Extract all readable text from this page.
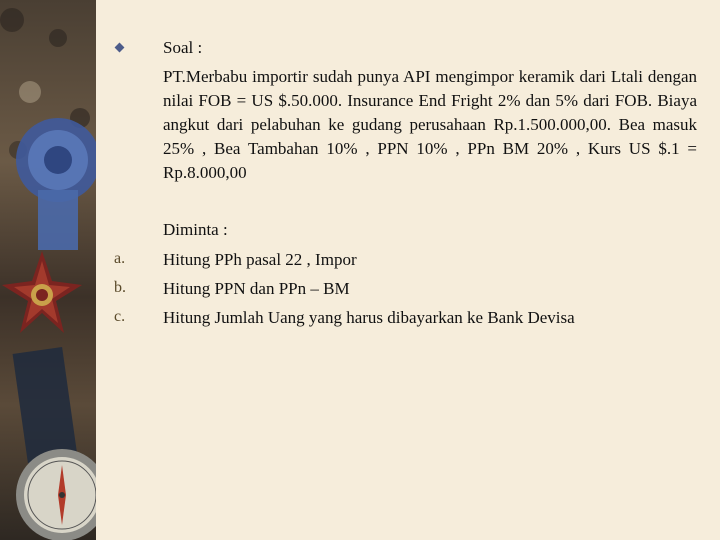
Soal :
PT.Merbabu importir sudah punya API mengimpor keramik dari Ltali dengan nilai FOB = US $.50.000. Insurance End Fright 2% dan 5% dari FOB. Biaya angkut dari pelabuhan ke gudang perusahaan Rp.1.500.000,00. Bea masuk 25% , Bea Tambahan 10% , PPN 10% , PPn BM 20% , Kurs US $.1 = Rp.8.000,00
Diminta :
a.	Hitung PPh pasal 22 , Impor
b.	Hitung PPN dan PPn – BM
c.	Hitung Jumlah Uang yang harus dibayarkan ke Bank Devisa
